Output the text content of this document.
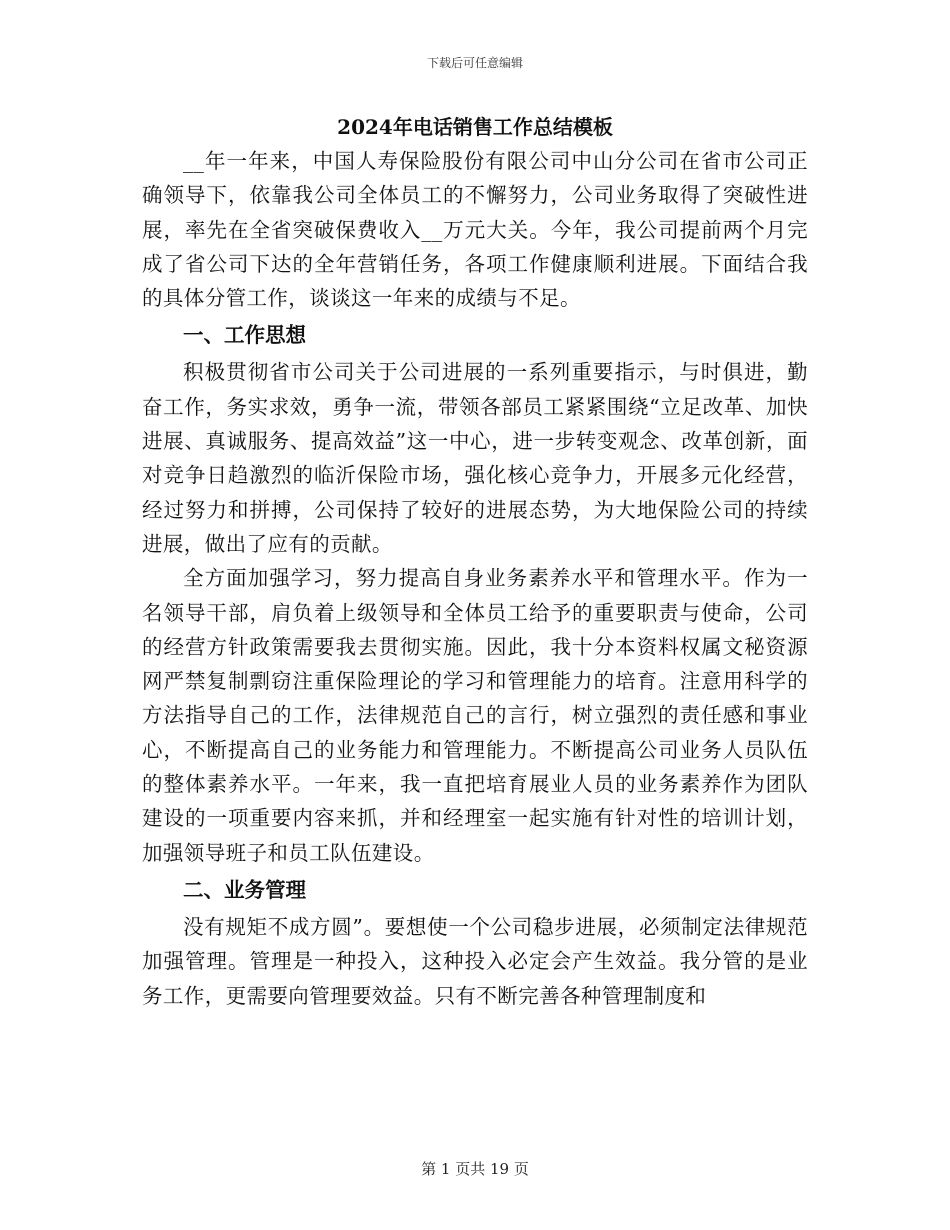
下载后可任意编辑

2024年电话销售工作总结模板

__年一年来，中国人寿保险股份有限公司中山分公司在省市公司正确领导下，依靠我公司全体员工的不懈努力，公司业务取得了突破性进展，率先在全省突破保费收入__万元大关。今年，我公司提前两个月完成了省公司下达的全年营销任务，各项工作健康顺利进展。下面结合我的具体分管工作，谈谈这一年来的成绩与不足。

一、工作思想

积极贯彻省市公司关于公司进展的一系列重要指示，与时俱进，勤奋工作，务实求效，勇争一流，带领各部员工紧紧围绕“立足改革、加快进展、真诚服务、提高效益”这一中心，进一步转变观念、改革创新，面对竞争日趋激烈的临沂保险市场，强化核心竞争力，开展多元化经营，经过努力和拼搏，公司保持了较好的进展态势，为大地保险公司的持续进展，做出了应有的贡献。

全方面加强学习，努力提高自身业务素养水平和管理水平。作为一名领导干部，肩负着上级领导和全体员工给予的重要职责与使命，公司的经营方针政策需要我去贯彻实施。因此，我十分本资料权属文秘资源网严禁复制剽窃注重保险理论的学习和管理能力的培育。注意用科学的方法指导自己的工作，法律规范自己的言行，树立强烈的责任感和事业心，不断提高自己的业务能力和管理能力。不断提高公司业务人员队伍的整体素养水平。一年来，我一直把培育展业人员的业务素养作为团队建设的一项重要内容来抓，并和经理室一起实施有针对性的培训计划，加强领导班子和员工队伍建设。

二、业务管理

没有规矩不成方圆”。要想使一个公司稳步进展，必须制定法律规范加强管理。管理是一种投入，这种投入必定会产生效益。我分管的是业务工作，更需要向管理要效益。只有不断完善各种管理制度和

第 1 页共 19 页
